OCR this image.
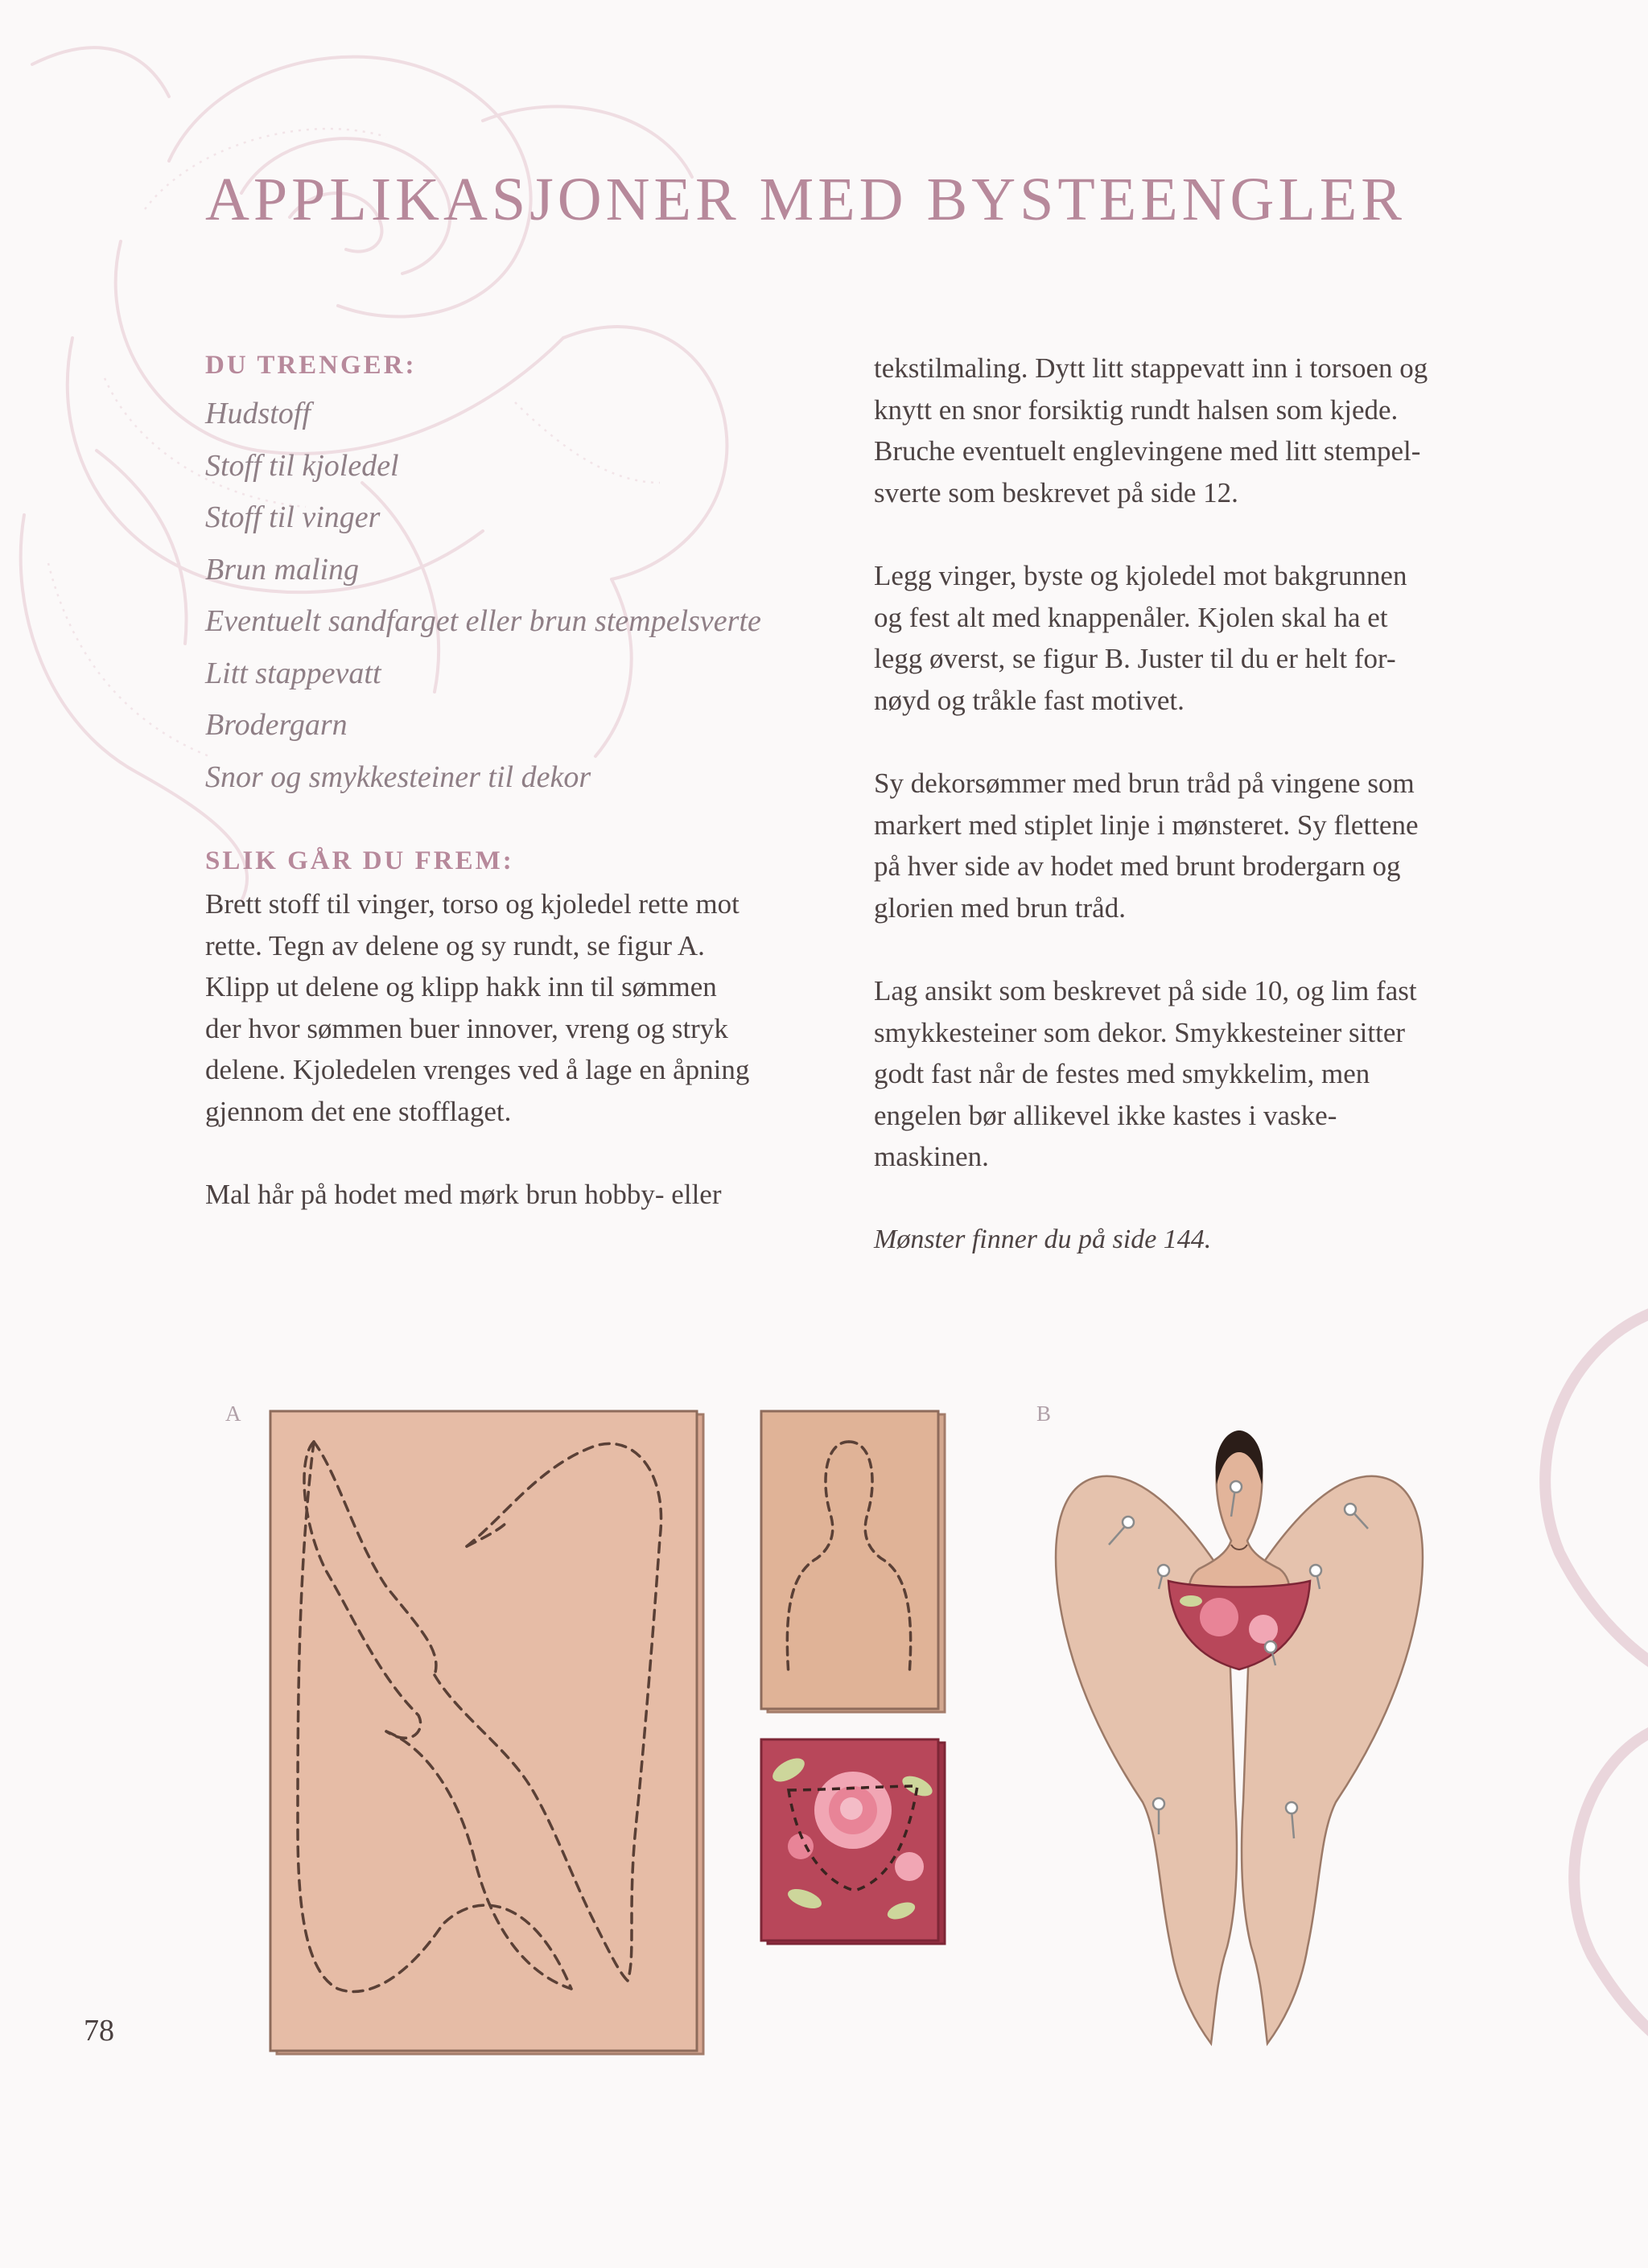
APPLIKASJONER MED BYSTEENGLER
DU TRENGER:
Hudstoff
Stoff til kjoledel
Stoff til vinger
Brun maling
Eventuelt sandfarget eller brun stempelsverte
Litt stappevatt
Brodergarn
Snor og smykkesteiner til dekor
SLIK GÅR DU FREM:

Brett stoff til vinger, torso og kjoledel rette mot
rette. Tegn av delene og sy rundt, se figur A.
Klipp ut delene og klipp hakk inn til sømmen
der hvor sømmen buer innover, vreng og stryk
delene. Kjoledelen vrenges ved å lage en åpning
gjennom det ene stofflaget.

Mal hår på hodet med mørk brun hobby- eller

tekstilmaling. Dytt litt stappevatt inn i torsoen og
knytt en snor forsiktig rundt halsen som kjede.
Bruche eventuelt englevingene med litt stempel-
sverte som beskrevet på side 12.

Legg vinger, byste og kjoledel mot bakgrunnen
og fest alt med knappenåler. Kjolen skal ha et
legg øverst, se figur B. Juster til du er helt for-
nøyd og tråkle fast motivet.

Sy dekorsømmer med brun tråd på vingene som
markert med stiplet linje i mønsteret. Sy flettene
på hver side av hodet med brunt brodergarn og
glorien med brun tråd.

Lag ansikt som beskrevet på side 10, og lim fast
smykkesteiner som dekor. Smykkesteiner sitter
godt fast når de festes med smykkelim, men
engelen bør allikevel ikke kastes i vaske-
maskinen.

Mønster finner du på side 144.

A	B
78
